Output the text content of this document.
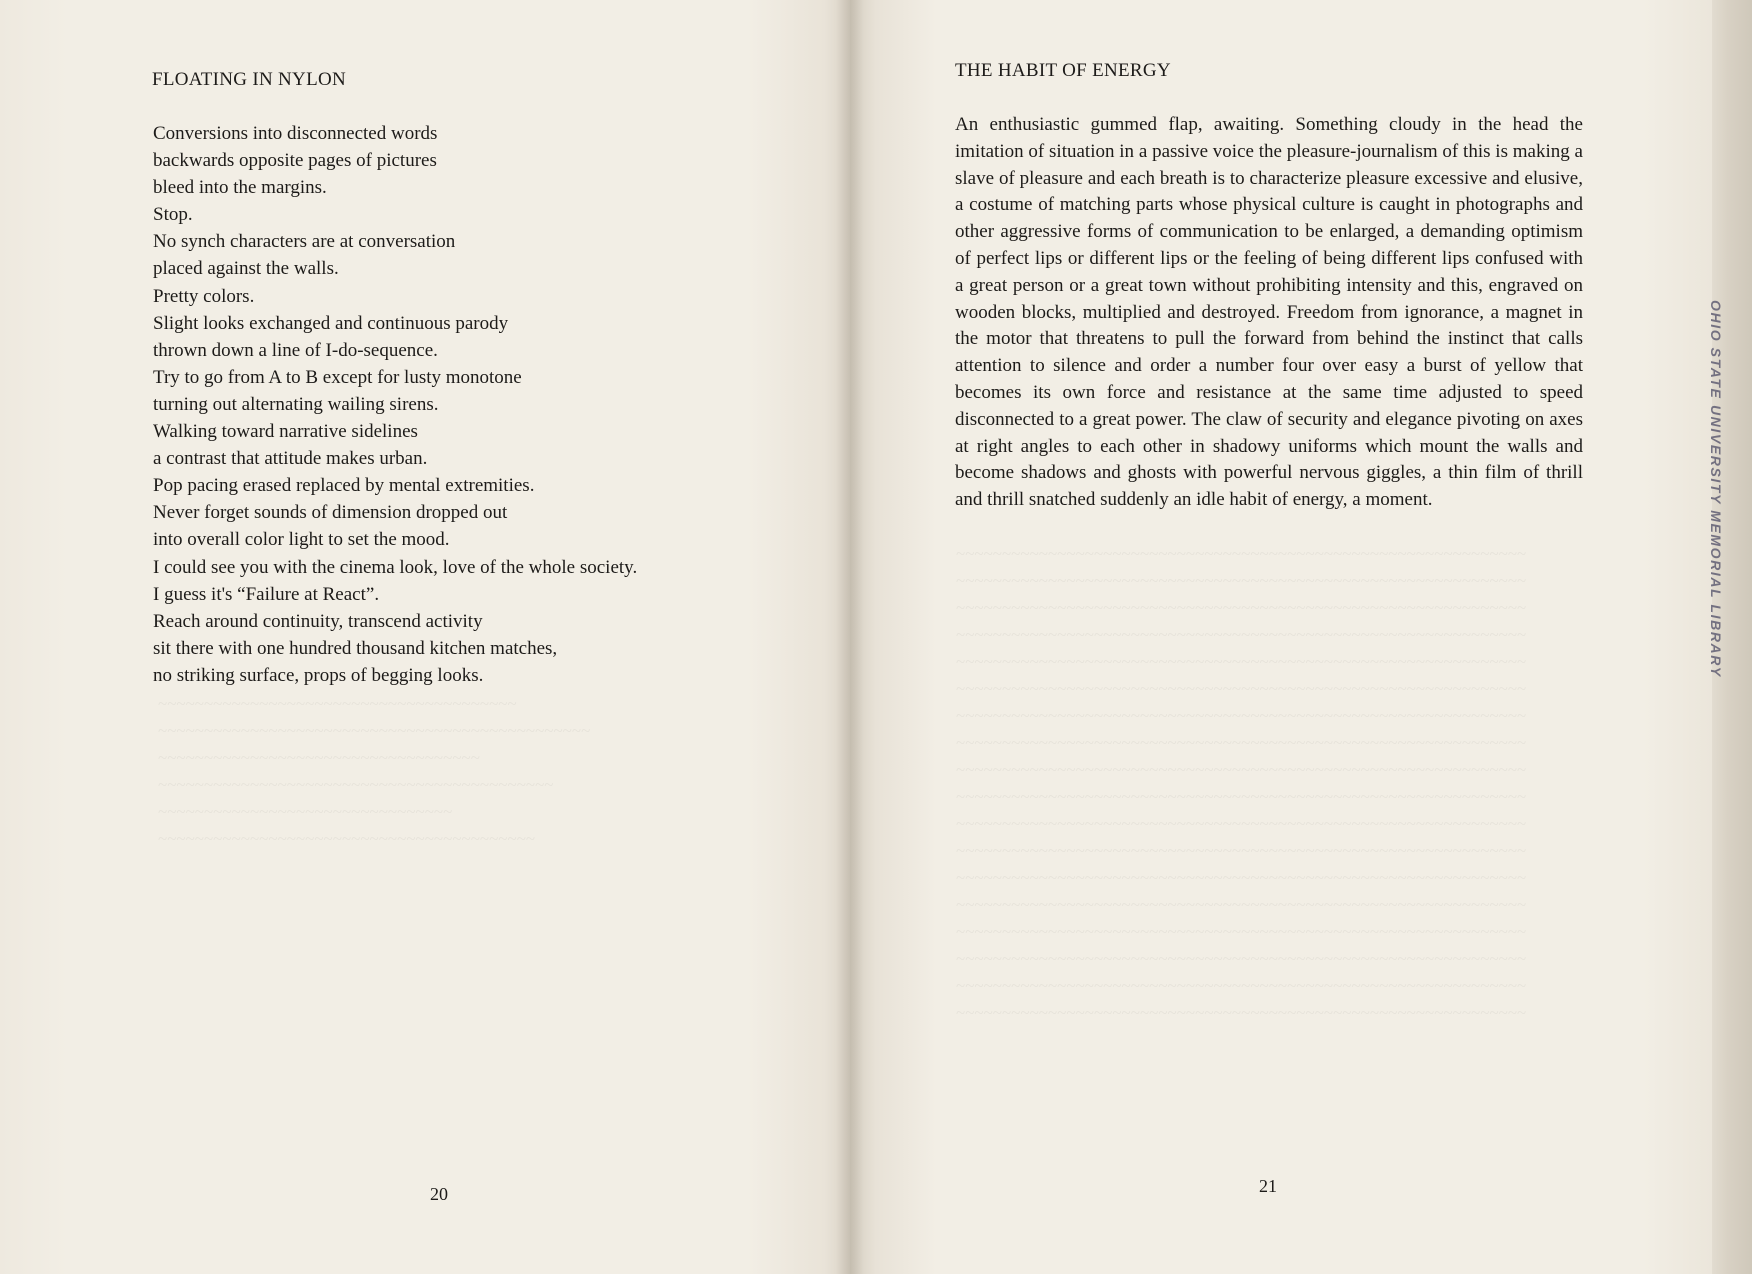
~~~~~~~~~~~~~~~~~~~~~~~~~~~~~~~~~~~~~~~
~~~~~~~~~~~~~~~~~~~~~~~~~~~~~~~~~~~~~~~~~~~~~~~
~~~~~~~~~~~~~~~~~~~~~~~~~~~~~~~~~~~
~~~~~~~~~~~~~~~~~~~~~~~~~~~~~~~~~~~~~~~~~~~
~~~~~~~~~~~~~~~~~~~~~~~~~~~~~~~~
~~~~~~~~~~~~~~~~~~~~~~~~~~~~~~~~~~~~~~~~~
FLOATING IN NYLON
Conversions into disconnected words
backwards opposite pages of pictures
bleed into the margins.
Stop.
No synch characters are at conversation
placed against the walls.
Pretty colors.
Slight looks exchanged and continuous parody
thrown down a line of I-do-sequence.
Try to go from A to B except for lusty monotone
turning out alternating wailing sirens.
Walking toward narrative sidelines
a contrast that attitude makes urban.
Pop pacing erased replaced by mental extremities.
Never forget sounds of dimension dropped out
into overall color light to set the mood.
I could see you with the cinema look, love of the whole society.
I guess it's “Failure at React”.
Reach around continuity, transcend activity
sit there with one hundred thousand kitchen matches,
no striking surface, props of begging looks.
20
~~~~~~~~~~~~~~~~~~~~~~~~~~~~~~~~~~~~~~~~~~~~~~~~~~~~~~~~~~~~~~
~~~~~~~~~~~~~~~~~~~~~~~~~~~~~~~~~~~~~~~~~~~~~~~~~~~~~~~~~~~~~~
~~~~~~~~~~~~~~~~~~~~~~~~~~~~~~~~~~~~~~~~~~~~~~~~~~~~~~~~~~~~~~
~~~~~~~~~~~~~~~~~~~~~~~~~~~~~~~~~~~~~~~~~~~~~~~~~~~~~~~~~~~~~~
~~~~~~~~~~~~~~~~~~~~~~~~~~~~~~~~~~~~~~~~~~~~~~~~~~~~~~~~~~~~~~
~~~~~~~~~~~~~~~~~~~~~~~~~~~~~~~~~~~~~~~~~~~~~~~~~~~~~~~~~~~~~~
~~~~~~~~~~~~~~~~~~~~~~~~~~~~~~~~~~~~~~~~~~~~~~~~~~~~~~~~~~~~~~
~~~~~~~~~~~~~~~~~~~~~~~~~~~~~~~~~~~~~~~~~~~~~~~~~~~~~~~~~~~~~~
~~~~~~~~~~~~~~~~~~~~~~~~~~~~~~~~~~~~~~~~~~~~~~~~~~~~~~~~~~~~~~
~~~~~~~~~~~~~~~~~~~~~~~~~~~~~~~~~~~~~~~~~~~~~~~~~~~~~~~~~~~~~~
~~~~~~~~~~~~~~~~~~~~~~~~~~~~~~~~~~~~~~~~~~~~~~~~~~~~~~~~~~~~~~
~~~~~~~~~~~~~~~~~~~~~~~~~~~~~~~~~~~~~~~~~~~~~~~~~~~~~~~~~~~~~~
~~~~~~~~~~~~~~~~~~~~~~~~~~~~~~~~~~~~~~~~~~~~~~~~~~~~~~~~~~~~~~
~~~~~~~~~~~~~~~~~~~~~~~~~~~~~~~~~~~~~~~~~~~~~~~~~~~~~~~~~~~~~~
~~~~~~~~~~~~~~~~~~~~~~~~~~~~~~~~~~~~~~~~~~~~~~~~~~~~~~~~~~~~~~
~~~~~~~~~~~~~~~~~~~~~~~~~~~~~~~~~~~~~~~~~~~~~~~~~~~~~~~~~~~~~~
~~~~~~~~~~~~~~~~~~~~~~~~~~~~~~~~~~~~~~~~~~~~~~~~~~~~~~~~~~~~~~
~~~~~~~~~~~~~~~~~~~~~~~~~~~~~~~~~~~~~~~~~~~~~~~~~~~~~~~~~~~~~~
21
THE HABIT OF ENERGY

An enthusiastic gummed flap, awaiting. Something cloudy in the head the imitation of situation in a passive voice the pleasure-journalism of this is making a slave of pleasure and each breath is to characterize pleasure excessive and elusive, a costume of matching parts whose physical culture is caught in photographs and other aggressive forms of communication to be enlarged, a demanding optimism of perfect lips or different lips or the feeling of being different lips confused with a great person or a great town without prohibiting intensity and this, engraved on wooden blocks, multiplied and destroyed. Freedom from ignorance, a magnet in the motor that threatens to pull the forward from behind the instinct that calls attention to silence and order a number four over easy a burst of yellow that becomes its own force and resistance at the same time adjusted to speed disconnected to a great power. The claw of security and elegance pivoting on axes at right angles to each other in shadowy uniforms which mount the walls and become shadows and ghosts with powerful nervous giggles, a thin film of thrill and thrill snatched suddenly an idle habit of energy, a moment.	OHIO STATE UNIVERSITY MEMORIAL LIBRARY
